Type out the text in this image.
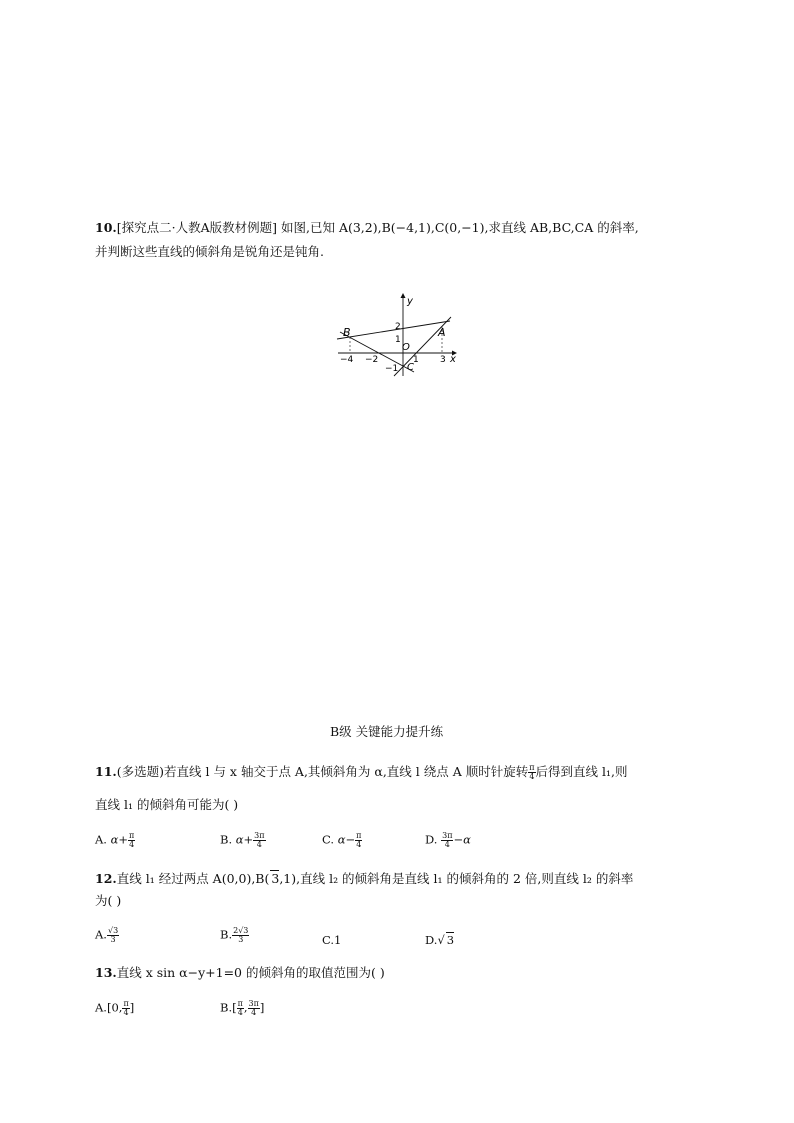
10.[探究点二·人教A版教材例题] 如图,已知 A(3,2),B(−4,1),C(0,−1),求直线 AB,BC,CA 的斜率,
并判断这些直线的倾斜角是锐角还是钝角.
y
x
B	A
O
C
−4 −2	1 3
2
1
−1
B级 关键能力提升练
11.(多选题)若直线 l 与 x 轴交于点 A,其倾斜角为 α,直线 l 绕点 A 顺时针旋转 $\frac{\pi}{4}$ 后得到直线 l₁,则
直线 l₁ 的倾斜角可能为( )
A. $\alpha+ \frac{\pi}{4}$	B. $\alpha+ \frac{3\pi}{4}$	C. $\alpha- \frac{\pi}{4}$	D. $\frac{3\pi}{4} -\alpha$
12.直线 l₁ 经过两点 A(0,0),B( 3,1),直线 l₂ 的倾斜角是直线 l₁ 的倾斜角的 2 倍,则直线 l₂ 的斜率
为( )
A. $\frac{√3}{3}$	B. $\frac{2√3}{3}$	C.1	D.√ 3
13.直线 x sin α−y+1=0 的倾斜角的取值范围为( )
A.[0, $\frac{\pi}{4}$ ]	$B.[ \frac{\pi}{4}$ , $\frac{3\pi}{4}$ ]
